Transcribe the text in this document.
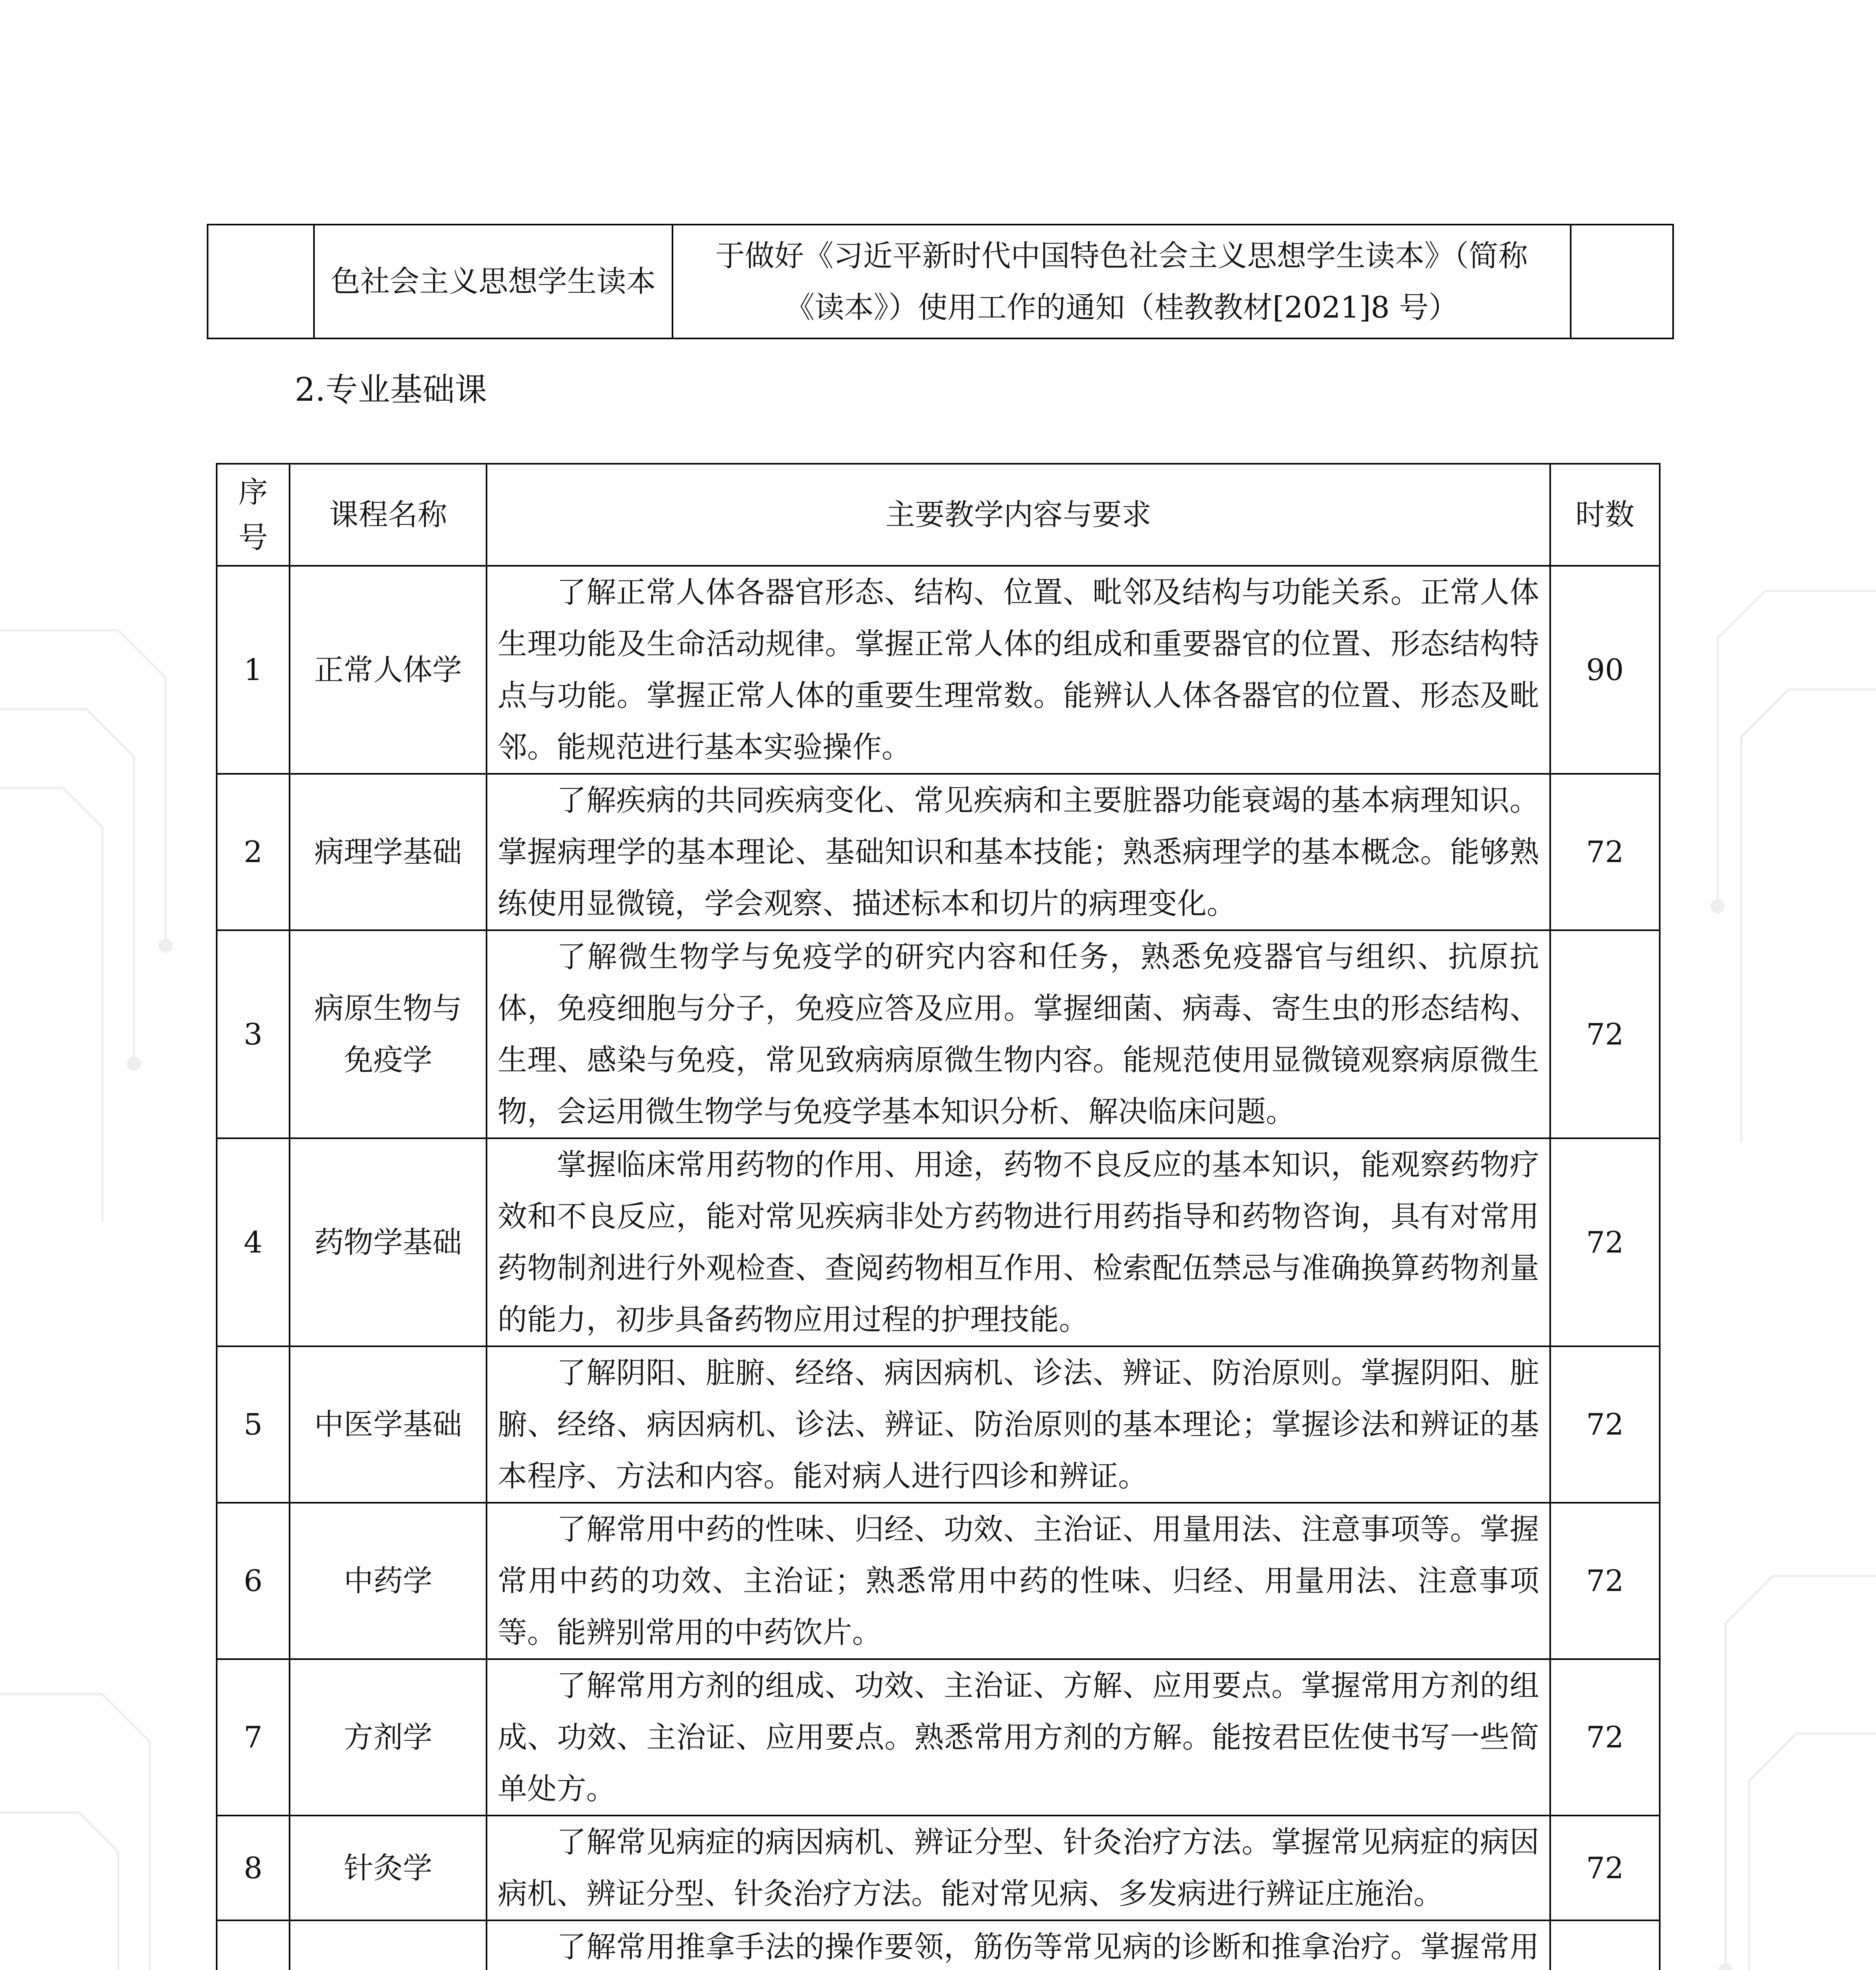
	色社会主义思想学生读本	于做好《习近平新时代中国特色社会主义思想学生读本》（简称《读本》）使用工作的通知（桂教教材[2021]8 号）	

2.专业基础课

序号	课程名称	主要教学内容与要求	时数
1	正常人体学	了解正常人体各器官形态、结构、位置、毗邻及结构与功能关系。正常人体生理功能及生命活动规律。掌握正常人体的组成和重要器官的位置、形态结构特点与功能。掌握正常人体的重要生理常数。能辨认人体各器官的位置、形态及毗邻。能规范进行基本实验操作。	90
2	病理学基础	了解疾病的共同疾病变化、常见疾病和主要脏器功能衰竭的基本病理知识。掌握病理学的基本理论、基础知识和基本技能；熟悉病理学的基本概念。能够熟练使用显微镜，学会观察、描述标本和切片的病理变化。	72
3	病原生物与免疫学	了解微生物学与免疫学的研究内容和任务，熟悉免疫器官与组织、抗原抗体，免疫细胞与分子，免疫应答及应用。掌握细菌、病毒、寄生虫的形态结构、生理、感染与免疫，常见致病病原微生物内容。能规范使用显微镜观察病原微生物，会运用微生物学与免疫学基本知识分析、解决临床问题。	72
4	药物学基础	掌握临床常用药物的作用、用途，药物不良反应的基本知识，能观察药物疗效和不良反应，能对常见疾病非处方药物进行用药指导和药物咨询，具有对常用药物制剂进行外观检查、查阅药物相互作用、检索配伍禁忌与准确换算药物剂量的能力，初步具备药物应用过程的护理技能。	72
5	中医学基础	了解阴阳、脏腑、经络、病因病机、诊法、辨证、防治原则。掌握阴阳、脏腑、经络、病因病机、诊法、辨证、防治原则的基本理论；掌握诊法和辨证的基本程序、方法和内容。能对病人进行四诊和辨证。	72
6	中药学	了解常用中药的性味、归经、功效、主治证、用量用法、注意事项等。掌握常用中药的功效、主治证；熟悉常用中药的性味、归经、用量用法、注意事项等。能辨别常用的中药饮片。	72
7	方剂学	了解常用方剂的组成、功效、主治证、方解、应用要点。掌握常用方剂的组成、功效、主治证、应用要点。熟悉常用方剂的方解。能按君臣佐使书写一些简单处方。	72
8	针灸学	了解常见病症的病因病机、辨证分型、针灸治疗方法。掌握常见病症的病因病机、辨证分型、针灸治疗方法。能对常见病、多发病进行辨证庄施治。	72
		了解常用推拿手法的操作要领，筋伤等常见病的诊断和推拿治疗。掌握常用	
